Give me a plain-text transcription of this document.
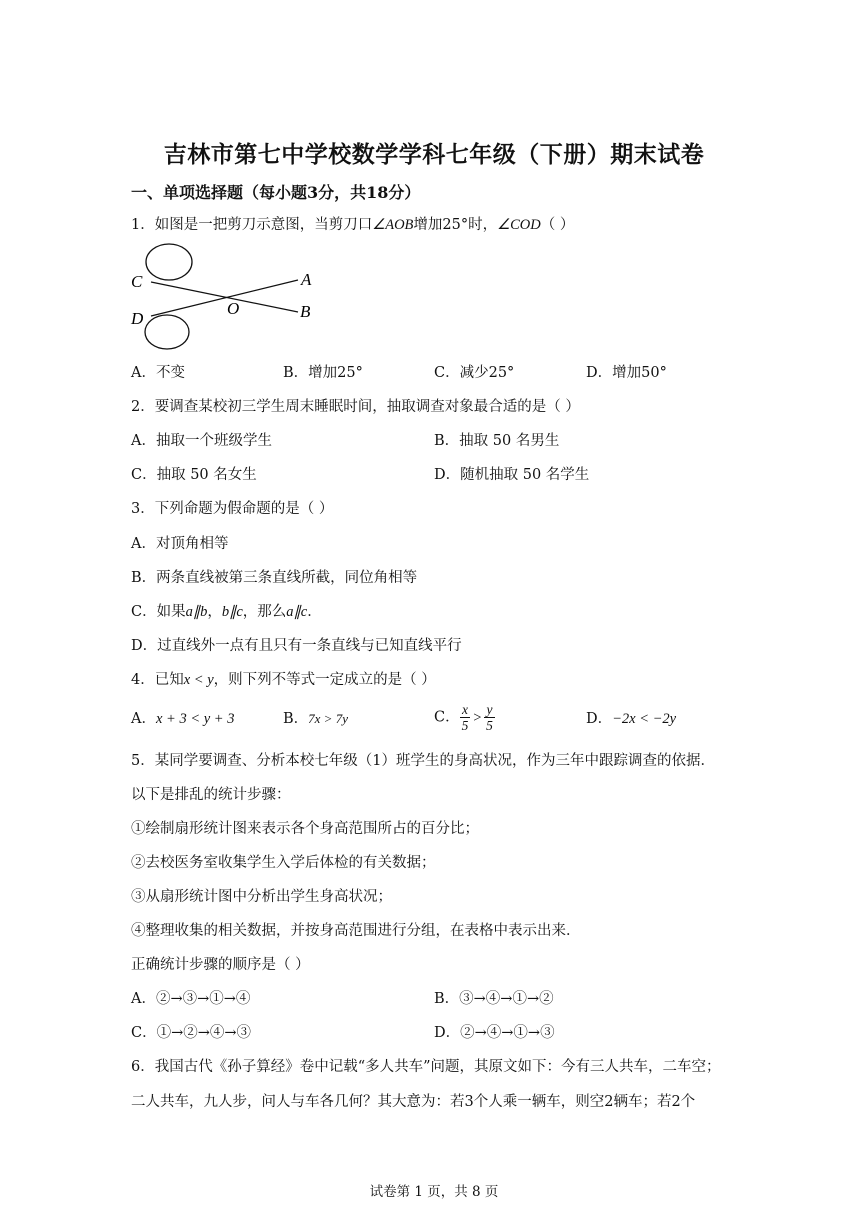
吉林市第七中学校数学学科七年级（下册）期末试卷
一、单项选择题（每小题3分，共18分）
1．如图是一把剪刀示意图，当剪刀口∠AOB增加25°时，∠COD（ ）
C
D
O
A
B
A．不变	B．增加25°	C．减少25°	D．增加50°
2．要调查某校初三学生周末睡眠时间，抽取调查对象最合适的是（ ）
A．抽取一个班级学生	B．抽取 50 名男生
C．抽取 50 名女生	D．随机抽取 50 名学生
3．下列命题为假命题的是（ ）
A．对顶角相等
B．两条直线被第三条直线所截，同位角相等
C．如果a∥b，b∥c，那么a∥c．
D．过直线外一点有且只有一条直线与已知直线平行
4．已知x < y，则下列不等式一定成立的是（ ）
A．x + 3 < y + 3	B．7x > 7y	C． $\frac{x}{5} > \frac{y}{5}$	D．−2x < −2y
5．某同学要调查、分析本校七年级（1）班学生的身高状况，作为三年中跟踪调查的依据．
以下是排乱的统计步骤：
①绘制扇形统计图来表示各个身高范围所占的百分比；
②去校医务室收集学生入学后体检的有关数据；
③从扇形统计图中分析出学生身高状况；
④整理收集的相关数据，并按身高范围进行分组，在表格中表示出来．
正确统计步骤的顺序是（ ）
A．②→③→①→④	B．③→④→①→②
C．①→②→④→③	D．②→④→①→③
6．我国古代《孙子算经》卷中记载“多人共车”问题，其原文如下：今有三人共车，二车空；
二人共车，九人步，问人与车各几何？其大意为：若3个人乘一辆车，则空2辆车；若2个
试卷第 1 页，共 8 页
